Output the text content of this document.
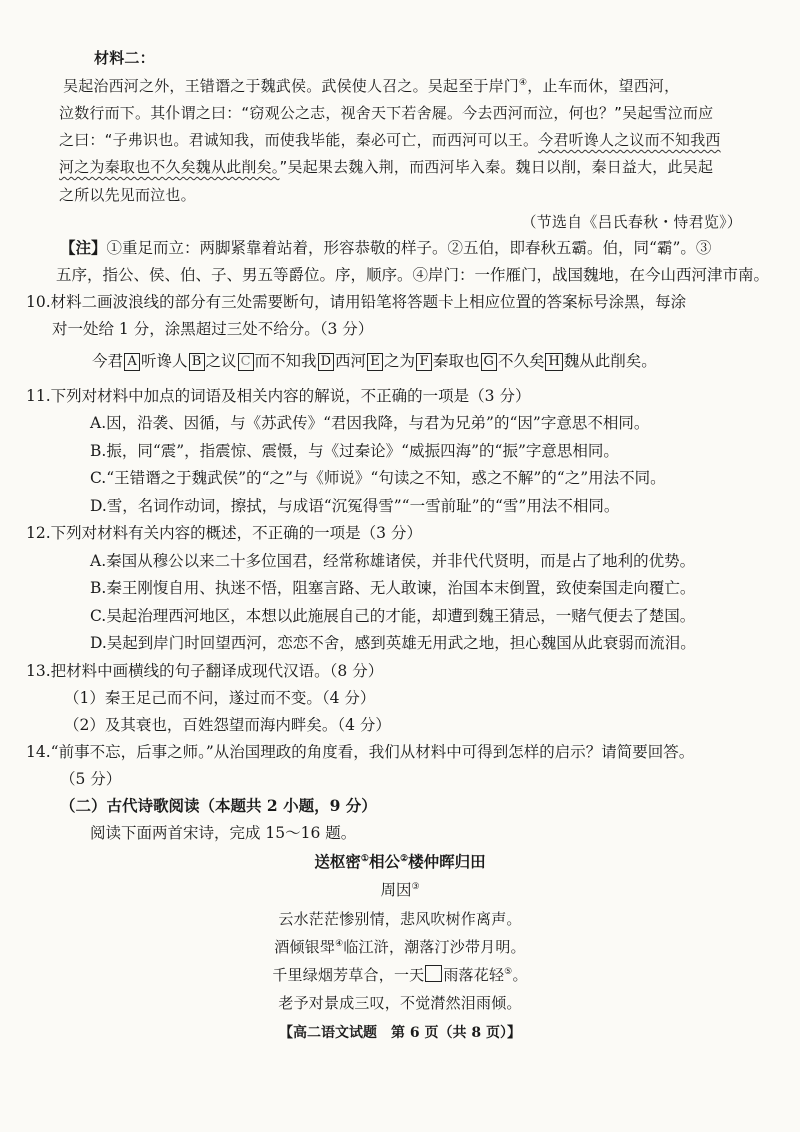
材料二：
吴起治西河之外，王错谮之于魏武侯。武侯使人召之。吴起至于岸门④，止车而休，望西河，
泣数行而下。其仆谓之曰：“窃观公之志，视舍天下若舍屣。今去西河而泣，何也？”吴起雪泣而应
之曰：“子弗识也。君诚知我，而使我毕能，秦必可亡，而西河可以王。今君听谗人之议而不知我西
河之为秦取也不久矣魏从此削矣。”吴起果去魏入荆，而西河毕入秦。魏日以削，秦日益大，此吴起
之所以先见而泣也。
（节选自《吕氏春秋・恃君览》）
【注】①重足而立：两脚紧靠着站着，形容恭敬的样子。②五伯，即春秋五霸。伯，同“霸”。③
五序，指公、侯、伯、子、男五等爵位。序，顺序。④岸门：一作雁门，战国魏地，在今山西河津市南。
10.材料二画波浪线的部分有三处需要断句，请用铅笔将答题卡上相应位置的答案标号涂黑，每涂
对一处给 1 分，涂黑超过三处不给分。（3 分）
今君 A 听谗人 B 之议 C 而不知我 D 西河 E 之为 F 秦取也 G 不久矣 H 魏从此削矣。
11.下列对材料中加点的词语及相关内容的解说，不正确的一项是（3 分）
A.因，沿袭、因循，与《苏武传》“君因我降，与君为兄弟”的“因”字意思不相同。
B.振，同“震”，指震惊、震慑，与《过秦论》“威振四海”的“振”字意思相同。
C.“王错谮之于魏武侯”的“之”与《师说》“句读之不知，惑之不解”的“之”用法不同。
D.雪，名词作动词，擦拭，与成语“沉冤得雪”“一雪前耻”的“雪”用法不相同。
12.下列对材料有关内容的概述，不正确的一项是（3 分）
A.秦国从穆公以来二十多位国君，经常称雄诸侯，并非代代贤明，而是占了地利的优势。
B.秦王刚愎自用、执迷不悟，阻塞言路、无人敢谏，治国本末倒置，致使秦国走向覆亡。
C.吴起治理西河地区，本想以此施展自己的才能，却遭到魏王猜忌，一赌气便去了楚国。
D.吴起到岸门时回望西河，恋恋不舍，感到英雄无用武之地，担心魏国从此衰弱而流泪。
13.把材料中画横线的句子翻译成现代汉语。（8 分）
（1）秦王足己而不问，遂过而不变。（4 分）
（2）及其衰也，百姓怨望而海内畔矣。（4 分）
14.“前事不忘，后事之师。”从治国理政的角度看，我们从材料中可得到怎样的启示？请简要回答。
（5 分）
（二）古代诗歌阅读（本题共 2 小题，9 分）
阅读下面两首宋诗，完成 15～16 题。
送枢密①相公②楼仲晖归田
周因③
云水茫茫惨别情，悲风吹树作离声。
酒倾银斝④临江浒，潮落汀沙带月明。
千里绿烟芳草合，一天 雨落花轻⑤。
老予对景成三叹，不觉潸然泪雨倾。
【高二语文试题　第 6 页（共 8 页）】
